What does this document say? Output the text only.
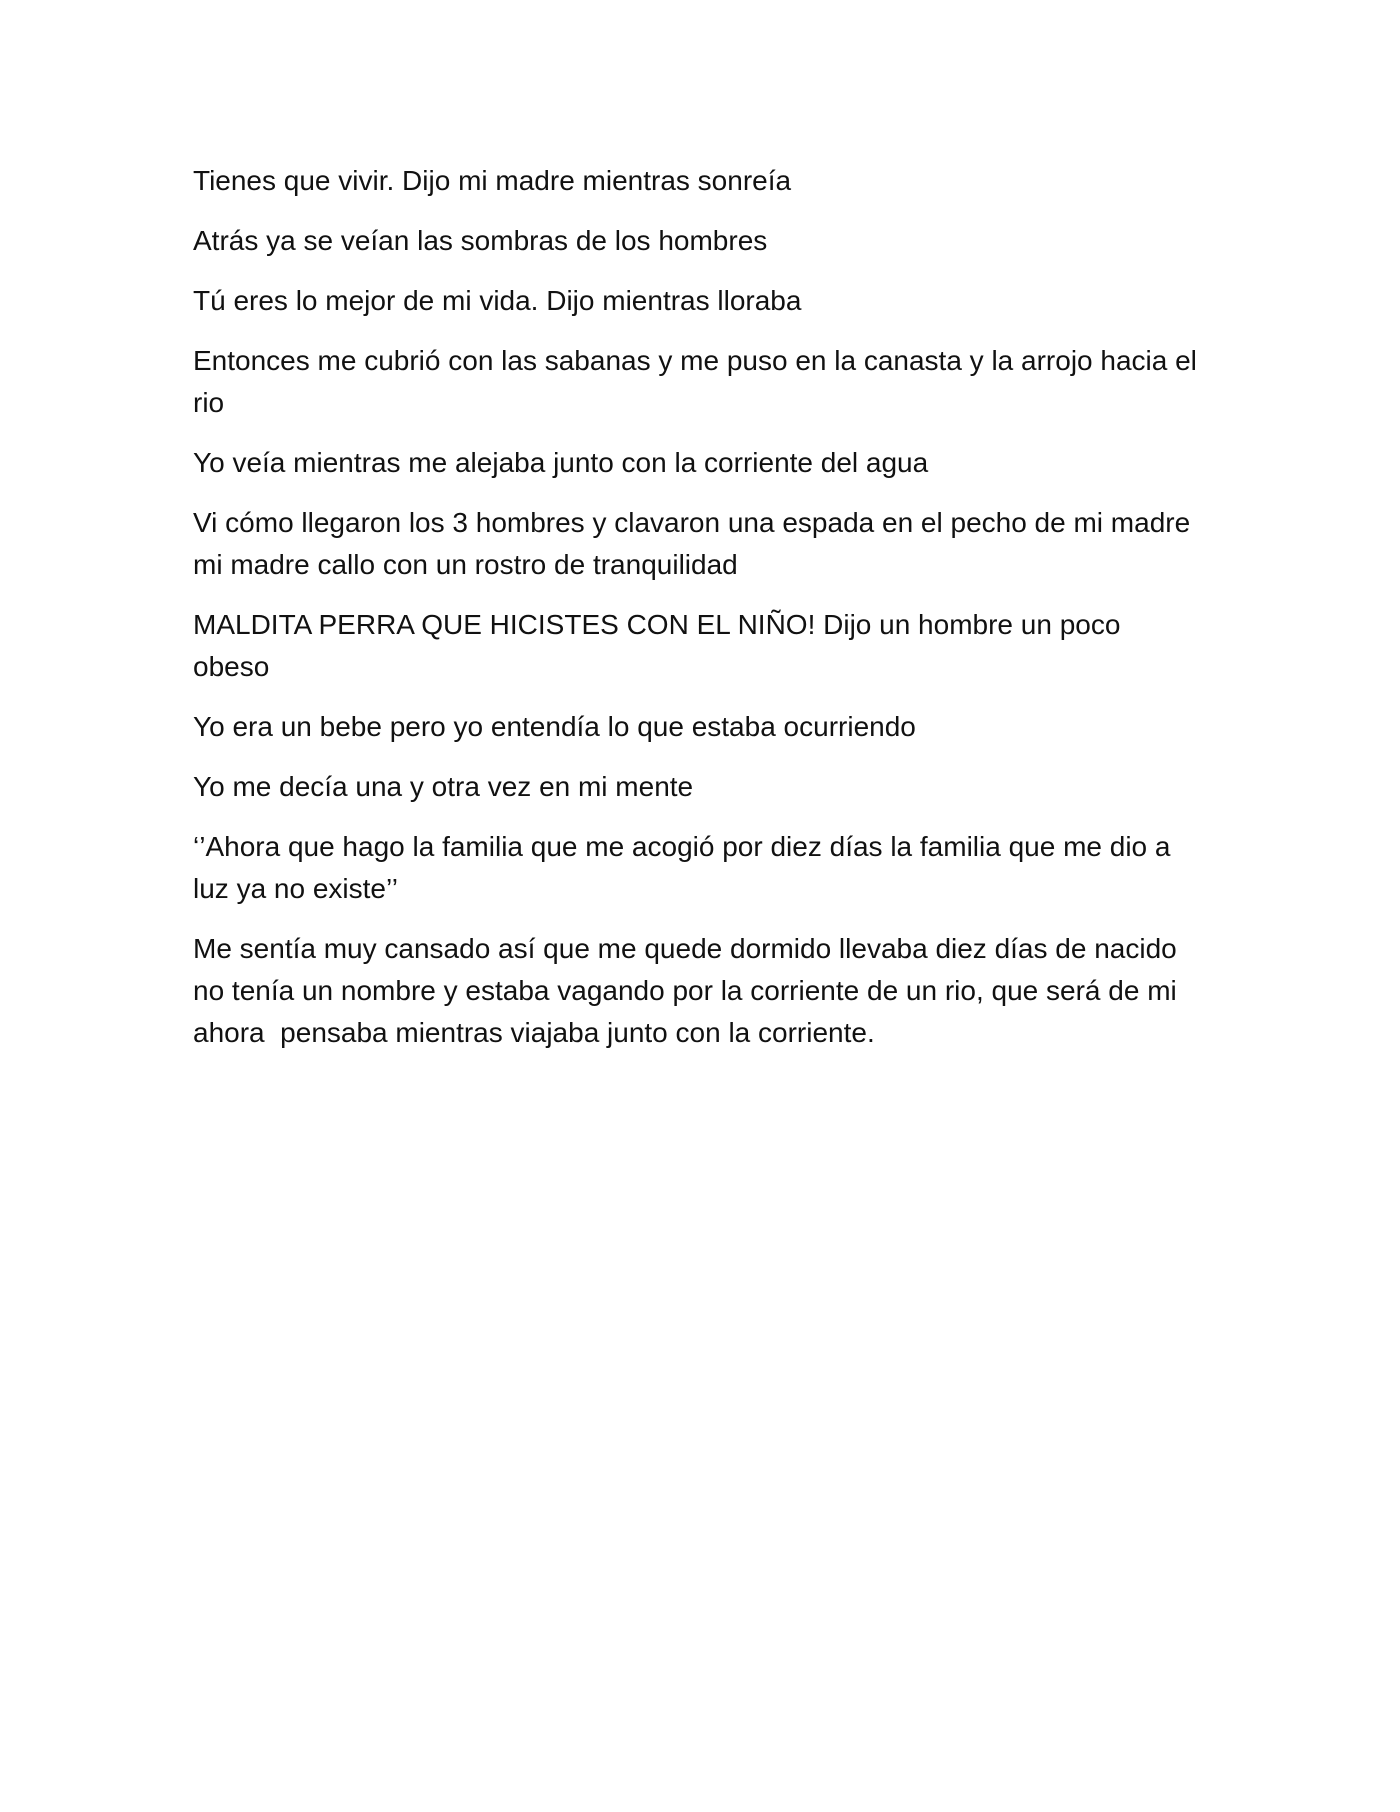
Tienes que vivir. Dijo mi madre mientras sonreía

Atrás ya se veían las sombras de los hombres

Tú eres lo mejor de mi vida. Dijo mientras lloraba

Entonces me cubrió con las sabanas y me puso en la canasta y la arrojo hacia el rio

Yo veía mientras me alejaba junto con la corriente del agua

Vi cómo llegaron los 3 hombres y clavaron una espada en el pecho de mi madre mi madre callo con un rostro de tranquilidad

MALDITA PERRA QUE HICISTES CON EL NIÑO! Dijo un hombre un poco obeso

Yo era un bebe pero yo entendía lo que estaba ocurriendo

Yo me decía una y otra vez en mi mente

‘’Ahora que hago la familia que me acogió por diez días la familia que me dio a luz ya no existe’’

Me sentía muy cansado así que me quede dormido llevaba diez días de nacido no tenía un nombre y estaba vagando por la corriente de un rio, que será de mi ahora  pensaba mientras viajaba junto con la corriente.
